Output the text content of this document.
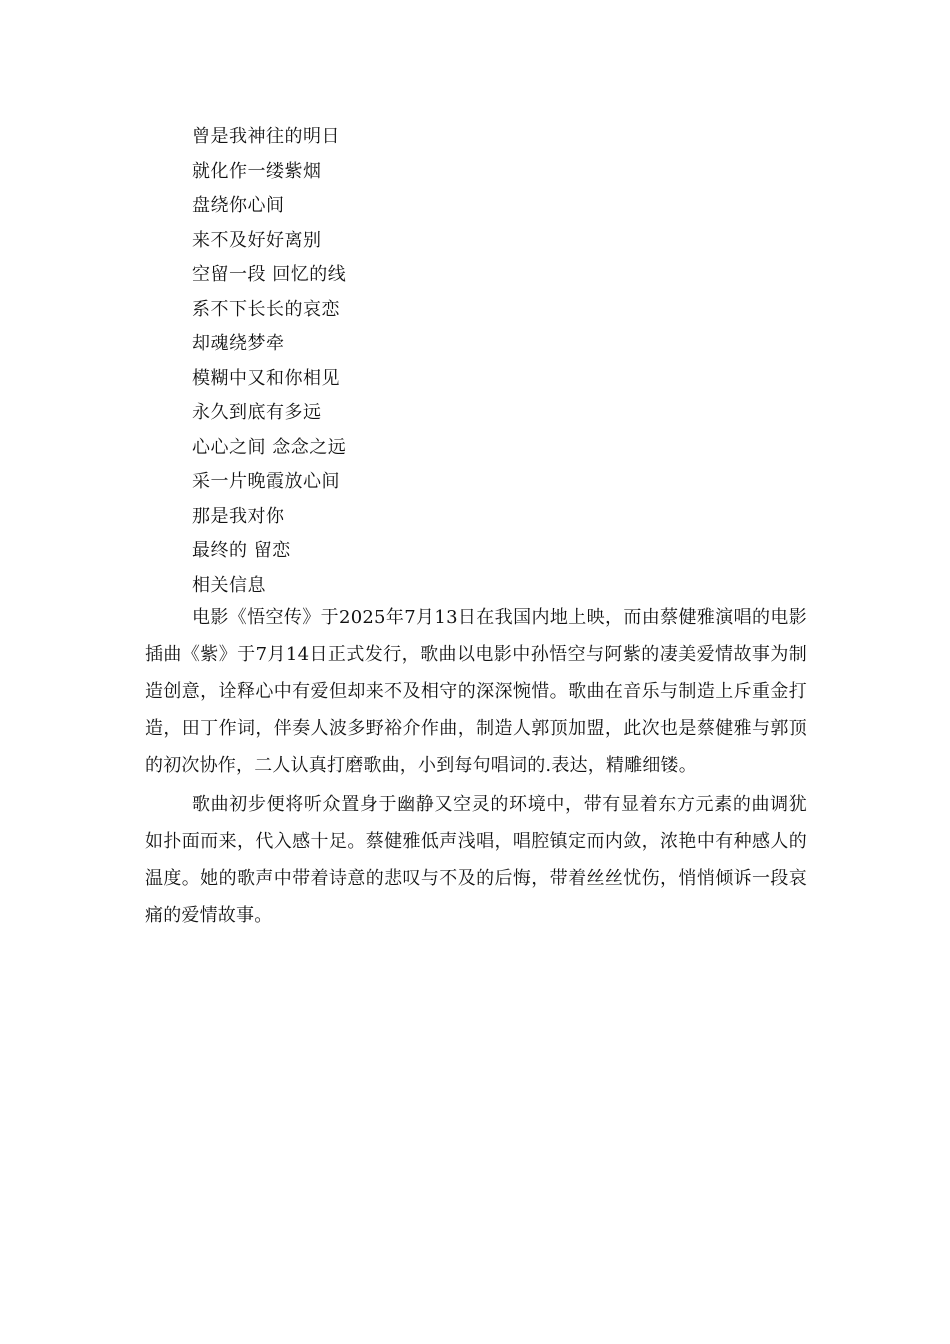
曾是我神往的明日
就化作一缕紫烟
盘绕你心间
来不及好好离别
空留一段 回忆的线
系不下长长的哀恋
却魂绕梦牵
模糊中又和你相见
永久到底有多远
心心之间 念念之远
采一片晚霞放心间
那是我对你
最终的 留恋
相关信息

电影《悟空传》于2025年7月13日在我国内地上映，而由蔡健雅演唱的电影插曲《紫》于7月14日正式发行，歌曲以电影中孙悟空与阿紫的凄美爱情故事为制造创意，诠释心中有爱但却来不及相守的深深惋惜。歌曲在音乐与制造上斥重金打造，田丁作词，伴奏人波多野裕介作曲，制造人郭顶加盟，此次也是蔡健雅与郭顶的初次协作，二人认真打磨歌曲，小到每句唱词的.表达，精雕细镂。

歌曲初步便将听众置身于幽静又空灵的环境中，带有显着东方元素的曲调犹如扑面而来，代入感十足。蔡健雅低声浅唱，唱腔镇定而内敛，浓艳中有种感人的温度。她的歌声中带着诗意的悲叹与不及的后悔，带着丝丝忧伤，悄悄倾诉一段哀痛的爱情故事。
